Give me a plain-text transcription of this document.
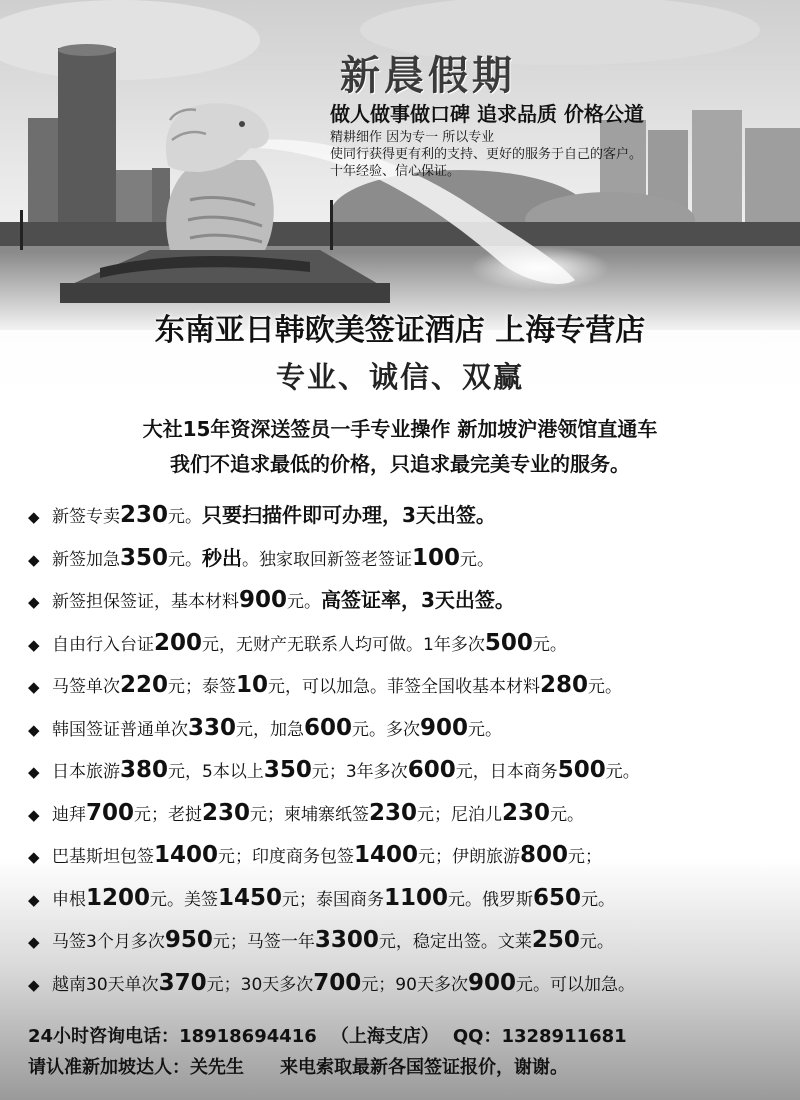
新晨假期
做人做事做口碑 追求品质 价格公道
精耕细作 因为专一 所以专业
使同行获得更有利的支持、更好的服务于自己的客户。
十年经验、信心保证。
东南亚日韩欧美签证酒店 上海专营店
专业、诚信、双赢
大社15年资深送签员一手专业操作 新加坡沪港领馆直通车
我们不追求最低的价格，只追求最完美专业的服务。
◆ 新签专卖230元。只要扫描件即可办理，3天出签。
◆ 新签加急350元。秒出。独家取回新签老签证100元。
◆ 新签担保签证，基本材料900元。高签证率，3天出签。
◆ 自由行入台证200元，无财产无联系人均可做。1年多次500元。
◆ 马签单次220元；泰签10元，可以加急。菲签全国收基本材料280元。
◆ 韩国签证普通单次330元，加急600元。多次900元。
◆ 日本旅游380元，5本以上350元；3年多次600元，日本商务500元。
◆ 迪拜700元；老挝230元；柬埔寨纸签230元；尼泊儿230元。
◆ 巴基斯坦包签1400元；印度商务包签1400元；伊朗旅游800元；
◆ 申根1200元。美签1450元；泰国商务1100元。俄罗斯650元。
◆ 马签3个月多次950元；马签一年3300元，稳定出签。文莱250元。
◆ 越南30天单次370元；30天多次700元；90天多次900元。可以加急。
24小时咨询电话：18918694416 （上海支店） QQ：1328911681
请认准新加坡达人：关先生 来电索取最新各国签证报价，谢谢。
